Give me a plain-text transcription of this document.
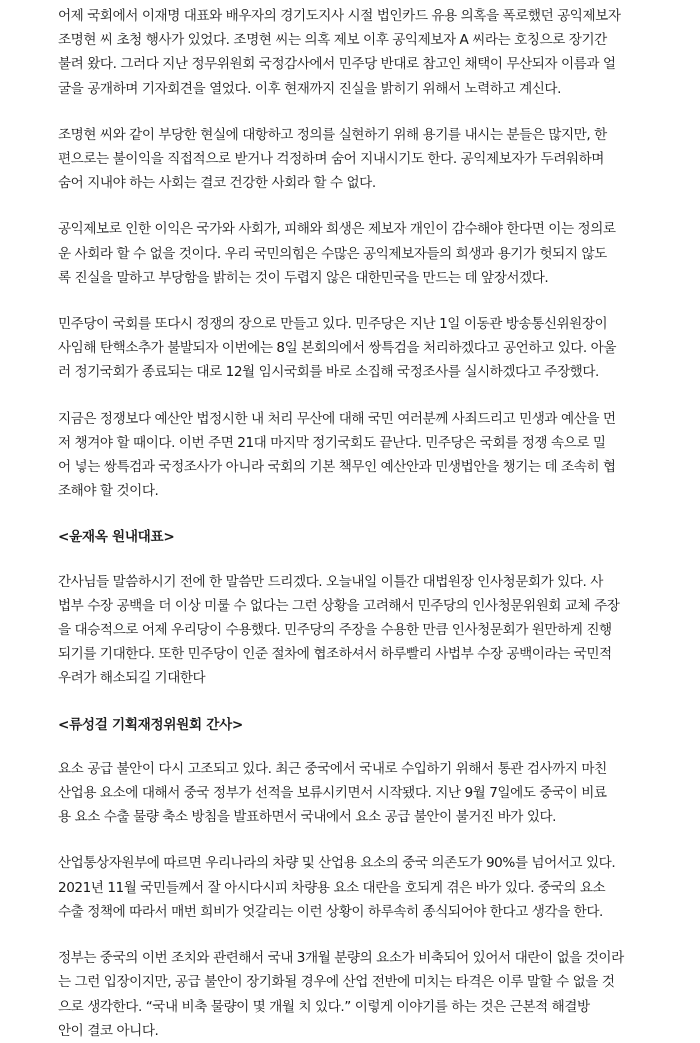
어제 국회에서 이재명 대표와 배우자의 경기도지사 시절 법인카드 유용 의혹을 폭로했던 공익제보자
조명현 씨 초청 행사가 있었다. 조명현 씨는 의혹 제보 이후 공익제보자 A 씨라는 호칭으로 장기간
불려 왔다. 그러다 지난 정무위원회 국정감사에서 민주당 반대로 참고인 채택이 무산되자 이름과 얼
굴을 공개하며 기자회견을 열었다. 이후 현재까지 진실을 밝히기 위해서 노력하고 계신다.

조명현 씨와 같이 부당한 현실에 대항하고 정의를 실현하기 위해 용기를 내시는 분들은 많지만, 한
편으로는 불이익을 직접적으로 받거나 걱정하며 숨어 지내시기도 한다. 공익제보자가 두려워하며
숨어 지내야 하는 사회는 결코 건강한 사회라 할 수 없다.

공익제보로 인한 이익은 국가와 사회가, 피해와 희생은 제보자 개인이 감수해야 한다면 이는 정의로
운 사회라 할 수 없을 것이다. 우리 국민의힘은 수많은 공익제보자들의 희생과 용기가 헛되지 않도
록 진실을 말하고 부당함을 밝히는 것이 두렵지 않은 대한민국을 만드는 데 앞장서겠다.

민주당이 국회를 또다시 정쟁의 장으로 만들고 있다. 민주당은 지난 1일 이동관 방송통신위원장이
사임해 탄핵소추가 불발되자 이번에는 8일 본회의에서 쌍특검을 처리하겠다고 공언하고 있다. 아울
러 정기국회가 종료되는 대로 12월 임시국회를 바로 소집해 국정조사를 실시하겠다고 주장했다.

지금은 정쟁보다 예산안 법정시한 내 처리 무산에 대해 국민 여러분께 사죄드리고 민생과 예산을 먼
저 챙겨야 할 때이다. 이번 주면 21대 마지막 정기국회도 끝난다. 민주당은 국회를 정쟁 속으로 밀
어 넣는 쌍특검과 국정조사가 아니라 국회의 기본 책무인 예산안과 민생법안을 챙기는 데 조속히 협
조해야 할 것이다.

<윤재옥 원내대표>

간사님들 말씀하시기 전에 한 말씀만 드리겠다. 오늘내일 이틀간 대법원장 인사청문회가 있다. 사
법부 수장 공백을 더 이상 미룰 수 없다는 그런 상황을 고려해서 민주당의 인사청문위원회 교체 주장
을 대승적으로 어제 우리당이 수용했다. 민주당의 주장을 수용한 만큼 인사청문회가 원만하게 진행
되기를 기대한다. 또한 민주당이 인준 절차에 협조하셔서 하루빨리 사법부 수장 공백이라는 국민적
우려가 해소되길 기대한다

<류성걸 기획재정위원회 간사>

요소 공급 불안이 다시 고조되고 있다. 최근 중국에서 국내로 수입하기 위해서 통관 검사까지 마친
산업용 요소에 대해서 중국 정부가 선적을 보류시키면서 시작됐다. 지난 9월 7일에도 중국이 비료
용 요소 수출 물량 축소 방침을 발표하면서 국내에서 요소 공급 불안이 불거진 바가 있다.

산업통상자원부에 따르면 우리나라의 차량 및 산업용 요소의 중국 의존도가 90%를 넘어서고 있다.
2021년 11월 국민들께서 잘 아시다시피 차량용 요소 대란을 호되게 겪은 바가 있다. 중국의 요소
수출 정책에 따라서 매번 희비가 엇갈리는 이런 상황이 하루속히 종식되어야 한다고 생각을 한다.

정부는 중국의 이번 조치와 관련해서 국내 3개월 분량의 요소가 비축되어 있어서 대란이 없을 것이라
는 그런 입장이지만, 공급 불안이 장기화될 경우에 산업 전반에 미치는 타격은 이루 말할 수 없을 것
으로 생각한다. “국내 비축 물량이 몇 개월 치 있다.” 이렇게 이야기를 하는 것은 근본적 해결방
안이 결코 아니다.
